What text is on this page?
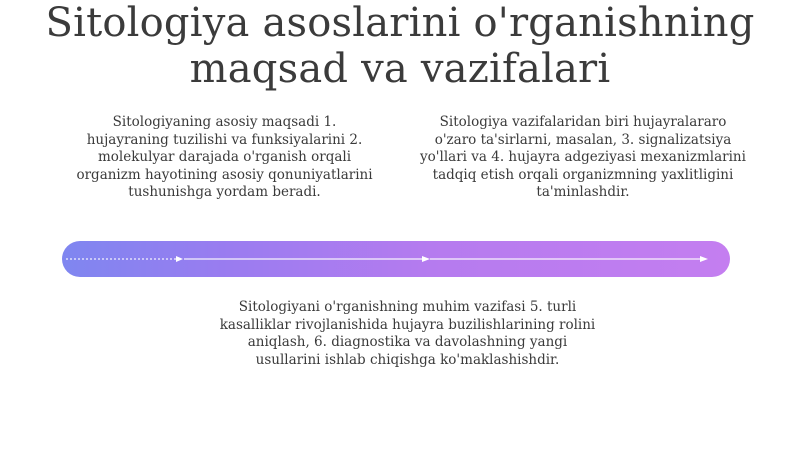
Sitologiya asoslarini o'rganishning maqsad va vazifalari
Sitologiyaning asosiy maqsadi 1. hujayraning tuzilishi va funksiyalarini 2. molekulyar darajada o'rganish orqali organizm hayotining asosiy qonuniyatlarini tushunishga yordam beradi.
Sitologiya vazifalaridan biri hujayralararo o'zaro ta'sirlarni, masalan, 3. signalizatsiya yo'llari va 4. hujayra adgeziyasi mexanizmlarini tadqiq etish orqali organizmning yaxlitligini ta'minlashdir.
Sitologiyani o'rganishning muhim vazifasi 5. turli kasalliklar rivojlanishida hujayra buzilishlarining rolini aniqlash, 6. diagnostika va davolashning yangi usullarini ishlab chiqishga ko'maklashishdir.
